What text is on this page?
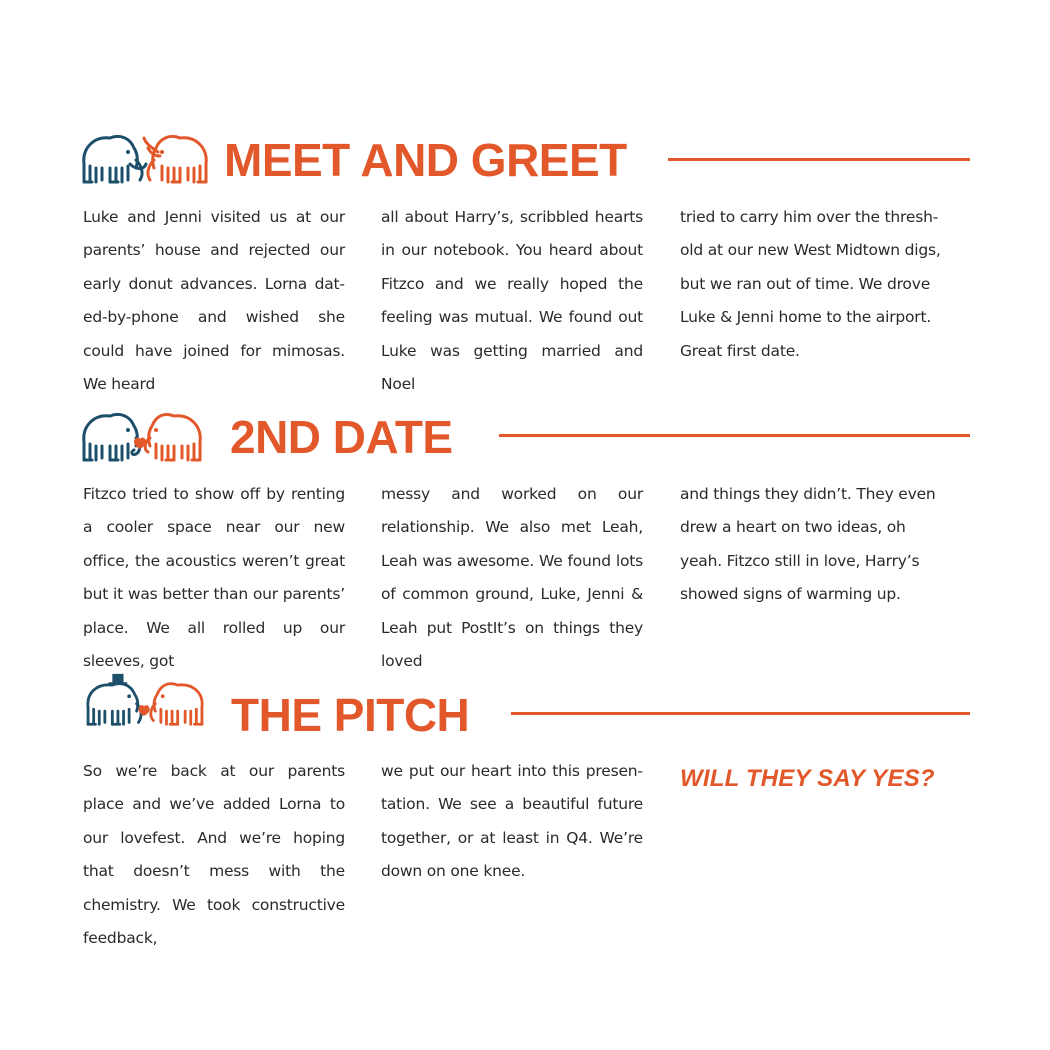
MEET AND GREET

Luke and Jenni visited us at our parents’ house and rejected our early donut advances. Lorna dated-by-phone and wished she could have joined for mimosas. We heard

all about Harry’s, scribbled hearts in our notebook. You heard about Fitzco and we really hoped the feeling was mutual. We found out Luke was getting married and Noel

tried to carry him over the threshold at our new West Midtown digs, but we ran out of time. We drove Luke & Jenni home to the airport. Great first date.

2ND DATE

Fitzco tried to show off by renting a cooler space near our new office, the acoustics weren’t great but it was better than our parents’ place. We all rolled up our sleeves, got

messy and worked on our relationship. We also met Leah, Leah was awesome. We found lots of common ground, Luke, Jenni & Leah put PostIt’s on things they loved

and things they didn’t. They even drew a heart on two ideas, oh yeah. Fitzco still in love, Harry’s showed signs of warming up.

THE PITCH

So we’re back at our parents place and we’ve added Lorna to our lovefest. And we’re hoping that doesn’t mess with the chemistry. We took constructive feedback,

we put our heart into this presentation. We see a beautiful future together, or at least in Q4. We’re down on one knee.

WILL THEY SAY YES?
